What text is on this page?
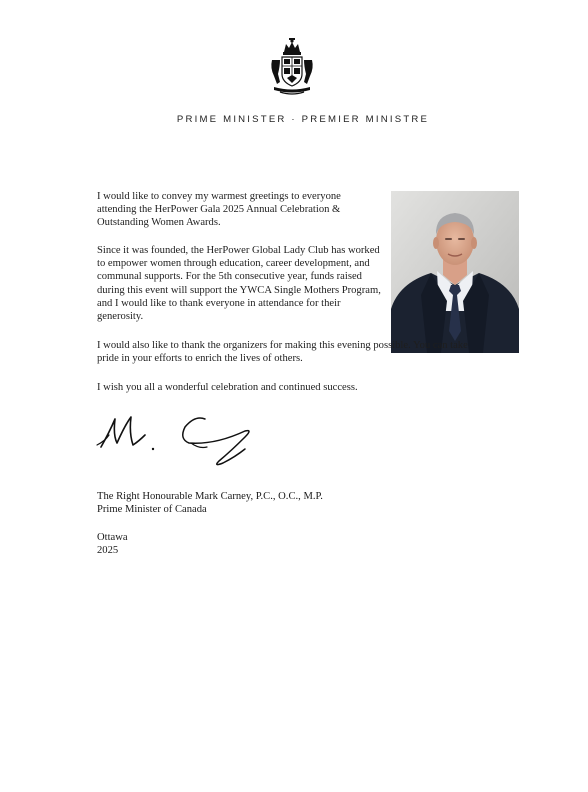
PRIME MINISTER · PREMIER MINISTRE

I would like to convey my warmest greetings to everyone attending the HerPower Gala 2025 Annual Celebration & Outstanding Women Awards.

Since it was founded, the HerPower Global Lady Club has worked to empower women through education, career development, and communal supports. For the 5th consecutive year, funds raised during this event will support the YWCA Single Mothers Program, and I would like to thank everyone in attendance for their generosity.

I would also like to thank the organizers for making this evening possible. You can take pride in your efforts to enrich the lives of others.

I wish you all a wonderful celebration and continued success.

The Right Honourable Mark Carney, P.C., O.C., M.P.

Prime Minister of Canada

Ottawa

2025
